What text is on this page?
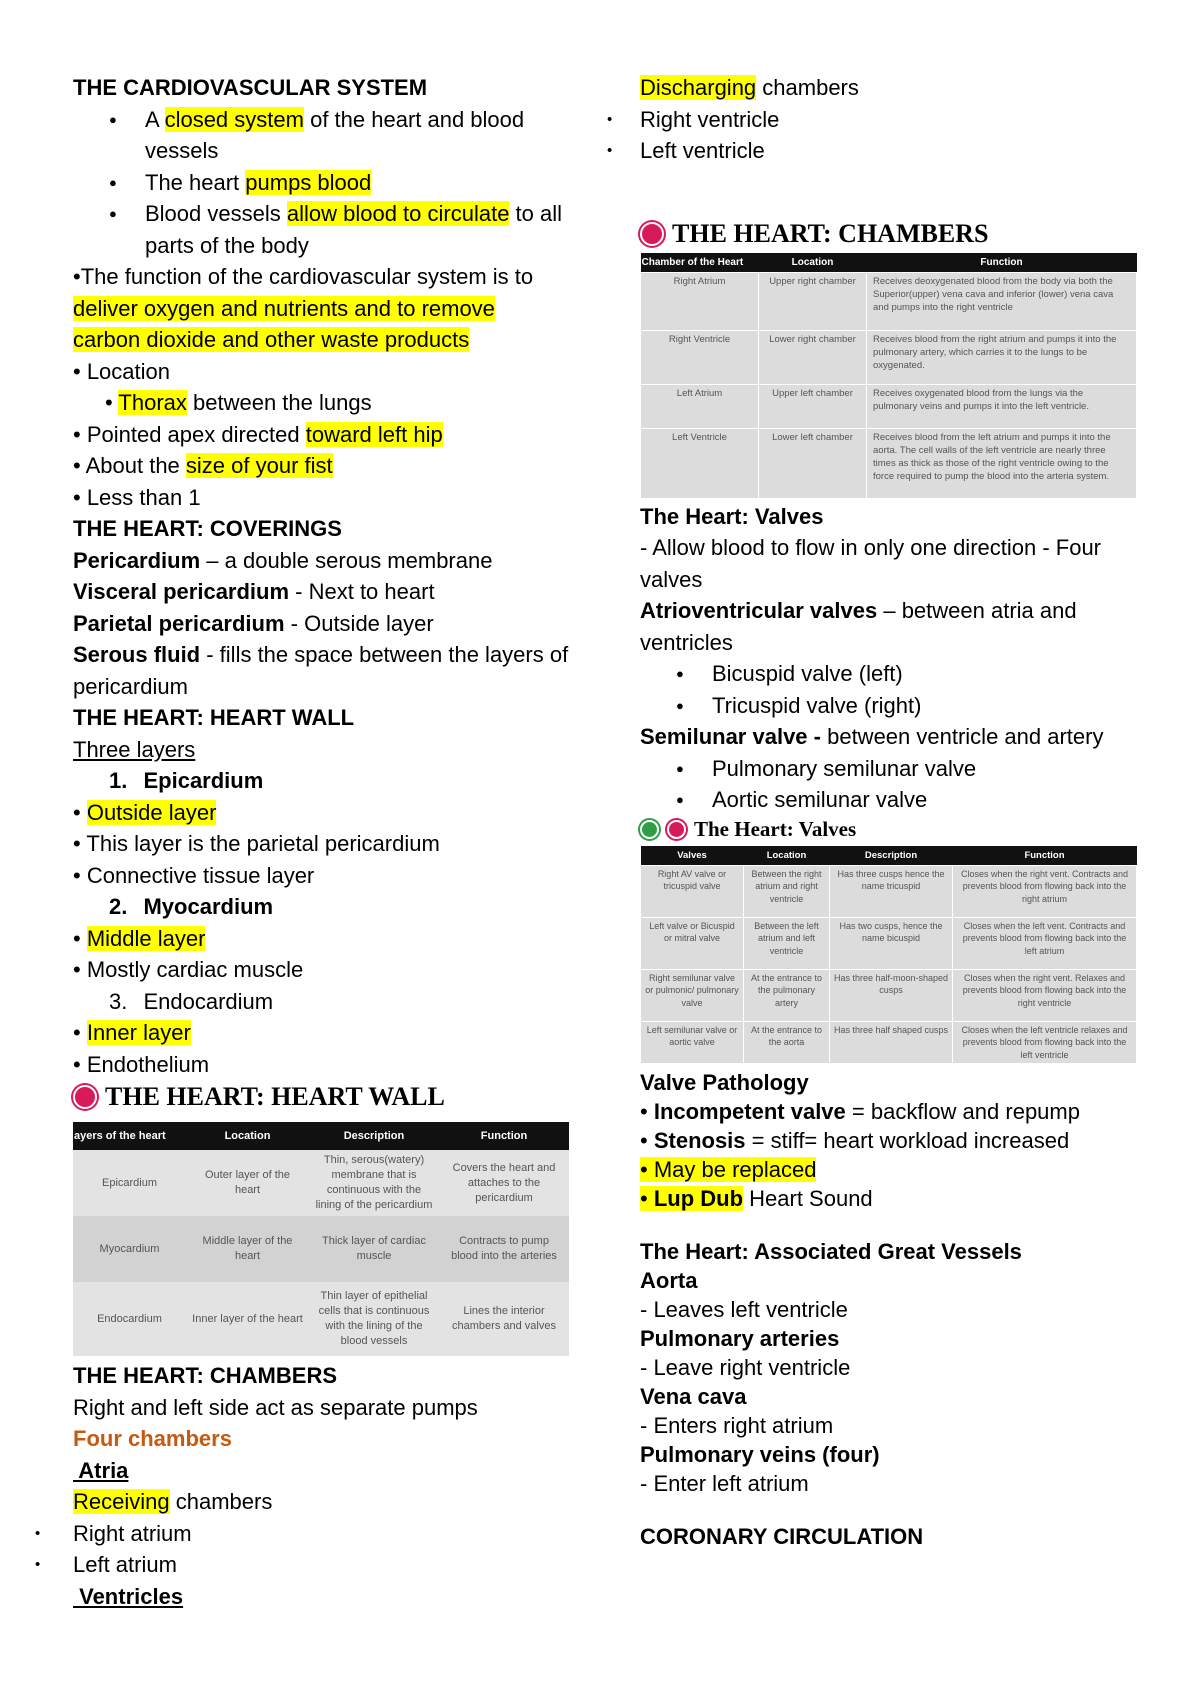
THE CARDIOVASCULAR SYSTEM
● A closed system of the heart and blood vessels
● The heart pumps blood
● Blood vessels allow blood to circulate to all parts of the body
•The function of the cardiovascular system is to
deliver oxygen and nutrients and to remove
carbon dioxide and other waste products
• Location
• Thorax between the lungs
• Pointed apex directed toward left hip
• About the size of your fist
• Less than 1
THE HEART: COVERINGS
Pericardium – a double serous membrane
Visceral pericardium - Next to heart
Parietal pericardium - Outside layer
Serous fluid - fills the space between the layers of pericardium
THE HEART: HEART WALL
Three layers
1. Epicardium
• Outside layer
• This layer is the parietal pericardium
• Connective tissue layer
2. Myocardium
• Middle layer
• Mostly cardiac muscle
3. Endocardium
• Inner layer
• Endothelium
THE HEART: HEART WALL
ayers of the heart	Location	Description	Function
Epicardium	Outer layer of the heart	Thin, serous(watery) membrane that is continuous with the lining of the pericardium	Covers the heart and attaches to the pericardium
Myocardium	Middle layer of the heart	Thick layer of cardiac muscle	Contracts to pump blood into the arteries
Endocardium	Inner layer of the heart	Thin layer of epithelial cells that is continuous with the lining of the blood vessels	Lines the interior chambers and valves
THE HEART: CHAMBERS
Right and left side act as separate pumps
Four chambers
Atria
Receiving chambers
• Right atrium
• Left atrium
Ventricles
Discharging chambers
• Right ventricle
• Left ventricle
THE HEART: CHAMBERS
Chamber of the Heart	Location	Function
Right Atrium	Upper right chamber	Receives deoxygenated blood from the body via both the Superior(upper) vena cava and inferior (lower) vena cava and pumps into the right ventricle
Right Ventricle	Lower right chamber	Receives blood from the right atrium and pumps it into the pulmonary artery, which carries it to the lungs to be oxygenated.
Left Atrium	Upper left chamber	Receives oxygenated blood from the lungs via the pulmonary veins and pumps it into the left ventricle.
Left Ventricle	Lower left chamber	Receives blood from the left atrium and pumps it into the aorta. The cell walls of the left ventricle are nearly three times as thick as those of the right ventricle owing to the force required to pump the blood into the arteria system.
The Heart: Valves
- Allow blood to flow in only one direction - Four valves
Atrioventricular valves – between atria and ventricles
● Bicuspid valve (left)
● Tricuspid valve (right)
Semilunar valve - between ventricle and artery
● Pulmonary semilunar valve
● Aortic semilunar valve
The Heart: Valves
Valves	Location	Description	Function
Right AV valve or tricuspid valve	Between the right atrium and right ventricle	Has three cusps hence the name tricuspid	Closes when the right vent. Contracts and prevents blood from flowing back into the right atrium
Left valve or Bicuspid or mitral valve	Between the left atrium and left ventricle	Has two cusps, hence the name bicuspid	Closes when the left vent. Contracts and prevents blood from flowing back into the left atrium
Right semilunar valve or pulmonic/ pulmonary valve	At the entrance to the pulmonary artery	Has three half-moon-shaped cusps	Closes when the right vent. Relaxes and prevents blood from flowing back into the right ventricle
Left semilunar valve or aortic valve	At the entrance to the aorta	Has three half shaped cusps	Closes when the left ventricle relaxes and prevents blood from flowing back into the left ventricle
Valve Pathology
• Incompetent valve = backflow and repump
• Stenosis = stiff= heart workload increased
• May be replaced
• Lup Dub Heart Sound
The Heart: Associated Great Vessels
Aorta
- Leaves left ventricle
Pulmonary arteries
- Leave right ventricle
Vena cava
- Enters right atrium
Pulmonary veins (four)
- Enter left atrium
CORONARY CIRCULATION
